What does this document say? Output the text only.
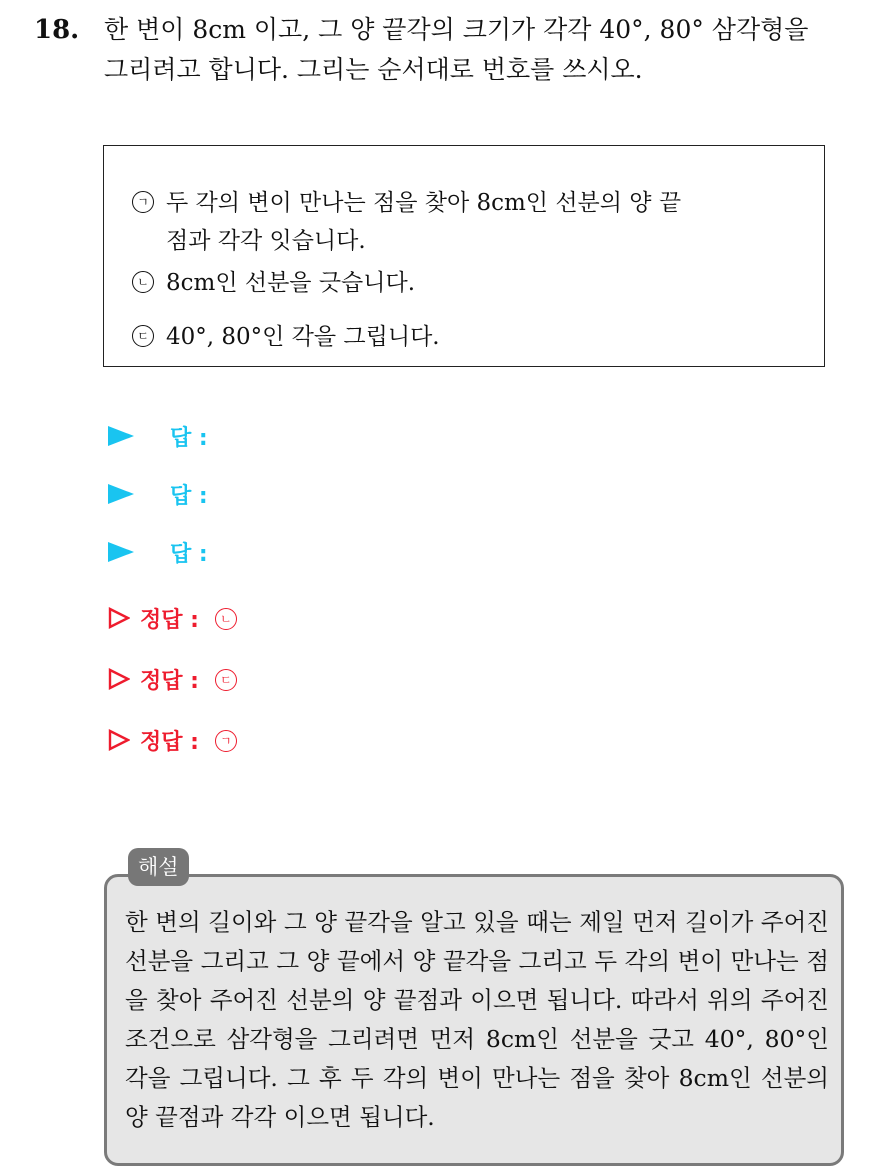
18. 한 변이 8cm 이고, 그 양 끝각의 크기가 각각 40°, 80° 삼각형을
그리려고 합니다. 그리는 순서대로 번호를 쓰시오.
ㄱ 두 각의 변이 만나는 점을 찾아 8cm인 선분의 양 끝
점과 각각 잇습니다.
ㄴ 8cm인 선분을 긋습니다.
ㄷ 40°, 80°인 각을 그립니다.
답 :
답 :
답 :
정답 :	ㄴ
정답 :	ㄷ
정답 :	ㄱ
해설
한 변의 길이와 그 양 끝각을 알고 있을 때는 제일 먼저 길이가 주어진 선분을 그리고 그 양 끝에서 양 끝각을 그리고 두 각의 변이 만나는 점을 찾아 주어진 선분의 양 끝점과 이으면 됩니다. 따라서 위의 주어진 조건으로 삼각형을 그리려면 먼저 8cm인 선분을 긋고 40°, 80°인 각을 그립니다. 그 후 두 각의 변이 만나는 점을 찾아 8cm인 선분의 양 끝점과 각각 이으면 됩니다.
